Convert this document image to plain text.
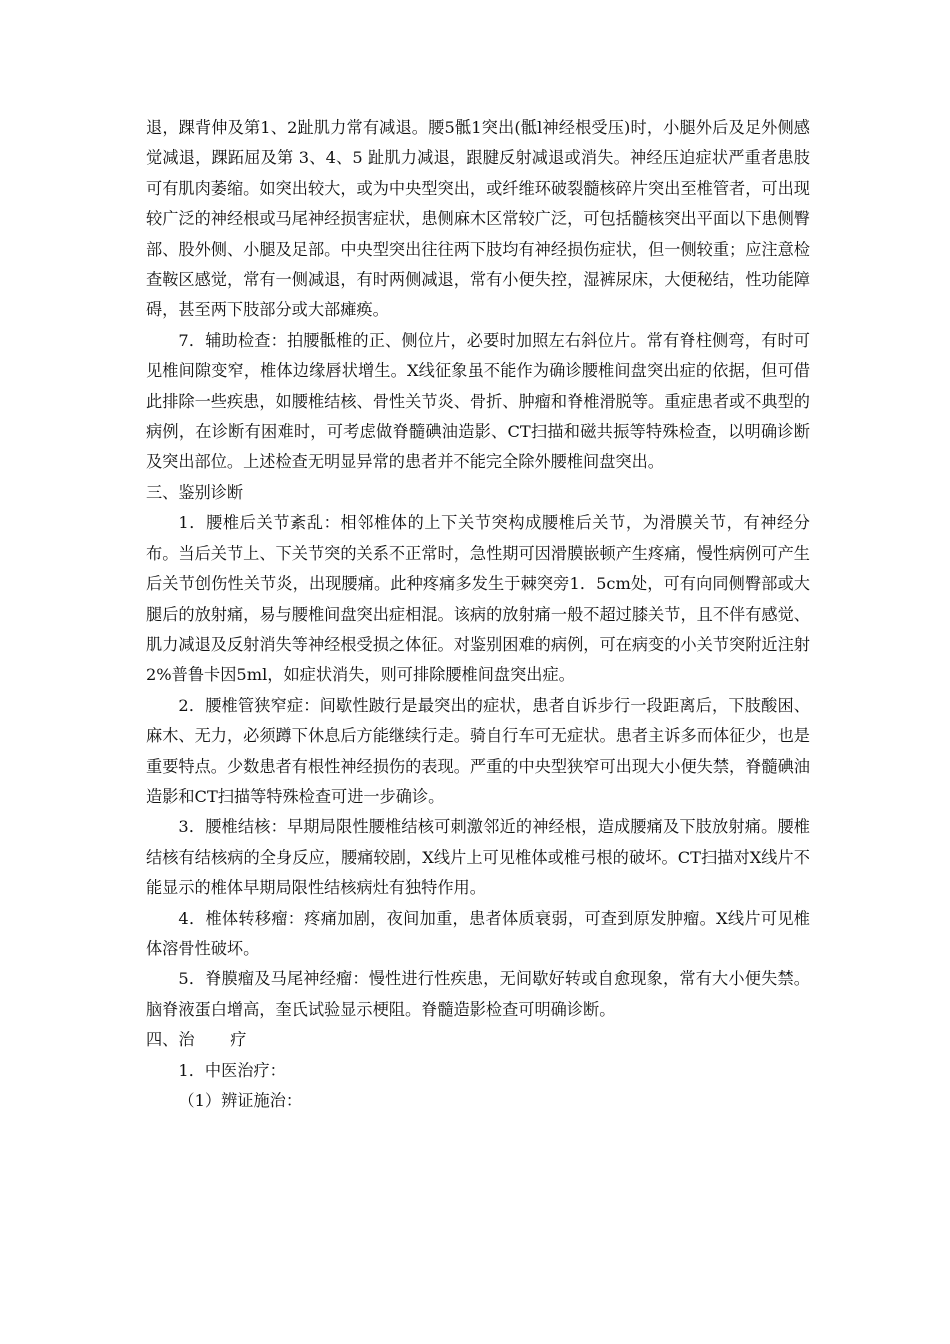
退，踝背伸及第1、2趾肌力常有减退。腰5骶1突出(骶l神经根受压)时，小腿外后及足外侧感觉减退，踝跖屈及第 3、4、5 趾肌力减退，跟腱反射减退或消失。神经压迫症状严重者患肢可有肌肉萎缩。如突出较大，或为中央型突出，或纤维环破裂髓核碎片突出至椎管者，可出现较广泛的神经根或马尾神经损害症状，患侧麻木区常较广泛，可包括髓核突出平面以下患侧臀部、股外侧、小腿及足部。中央型突出往往两下肢均有神经损伤症状，但一侧较重；应注意检查鞍区感觉，常有一侧减退，有时两侧减退，常有小便失控，湿裤尿床，大便秘结，性功能障碍，甚至两下肢部分或大部瘫痪。

7．辅助检查：拍腰骶椎的正、侧位片，必要时加照左右斜位片。常有脊柱侧弯，有时可见椎间隙变窄，椎体边缘唇状增生。X线征象虽不能作为确诊腰椎间盘突出症的依据，但可借此排除一些疾患，如腰椎结核、骨性关节炎、骨折、肿瘤和脊椎滑脱等。重症患者或不典型的病例，在诊断有困难时，可考虑做脊髓碘油造影、CT扫描和磁共振等特殊检查，以明确诊断及突出部位。上述检查无明显异常的患者并不能完全除外腰椎间盘突出。

三、鉴别诊断

1．腰椎后关节紊乱：相邻椎体的上下关节突构成腰椎后关节，为滑膜关节，有神经分布。当后关节上、下关节突的关系不正常时，急性期可因滑膜嵌顿产生疼痛，慢性病例可产生后关节创伤性关节炎，出现腰痛。此种疼痛多发生于棘突旁1．5cm处，可有向同侧臀部或大腿后的放射痛，易与腰椎间盘突出症相混。该病的放射痛一般不超过膝关节，且不伴有感觉、肌力减退及反射消失等神经根受损之体征。对鉴别困难的病例，可在病变的小关节突附近注射2%普鲁卡因5ml，如症状消失，则可排除腰椎间盘突出症。

2．腰椎管狭窄症：间歇性跛行是最突出的症状，患者自诉步行一段距离后，下肢酸困、麻木、无力，必须蹲下休息后方能继续行走。骑自行车可无症状。患者主诉多而体征少，也是重要特点。少数患者有根性神经损伤的表现。严重的中央型狭窄可出现大小便失禁，脊髓碘油造影和CT扫描等特殊检查可进一步确诊。

3．腰椎结核：早期局限性腰椎结核可刺激邻近的神经根，造成腰痛及下肢放射痛。腰椎结核有结核病的全身反应，腰痛较剧，X线片上可见椎体或椎弓根的破坏。CT扫描对X线片不能显示的椎体早期局限性结核病灶有独特作用。

4．椎体转移瘤：疼痛加剧，夜间加重，患者体质衰弱，可查到原发肿瘤。X线片可见椎体溶骨性破坏。

5．脊膜瘤及马尾神经瘤：慢性进行性疾患，无间歇好转或自愈现象，常有大小便失禁。脑脊液蛋白增高，奎氏试验显示梗阻。脊髓造影检查可明确诊断。

四、治 疗

1．中医治疗：

（1）辨证施治：
